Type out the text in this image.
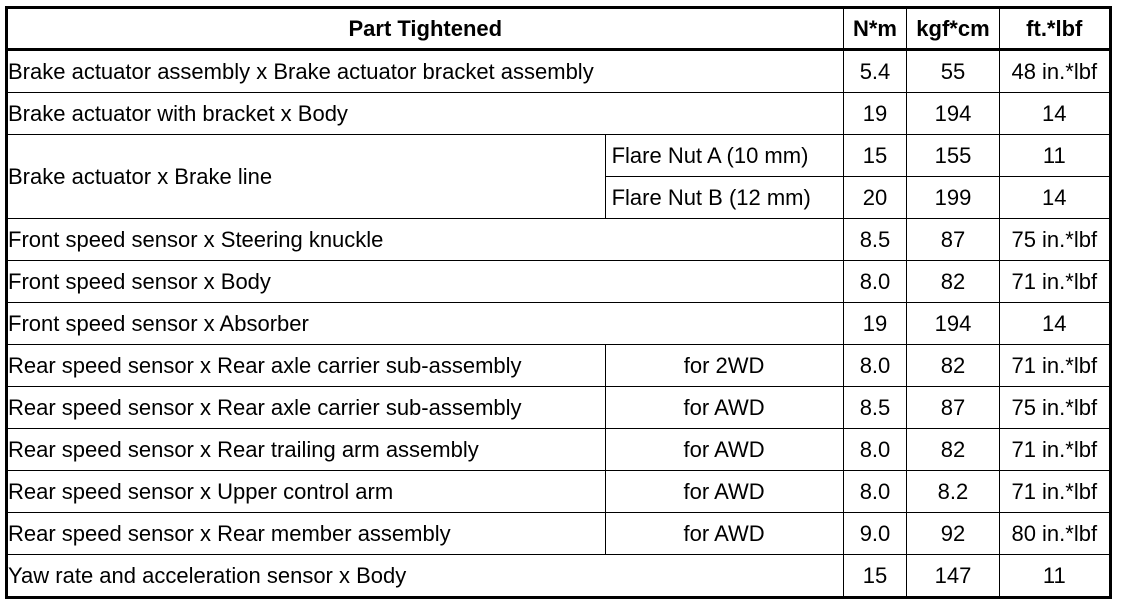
Part Tightened		N*m	kgf*cm	ft.*lbf
Brake actuator assembly x Brake actuator bracket assembly		5.4	55	48 in.*lbf
Brake actuator with bracket x Body		19	194	14
Brake actuator x Brake line	Flare Nut A (10 mm)	15	155	11
	Flare Nut B (12 mm)	20	199	14
Front speed sensor x Steering knuckle		8.5	87	75 in.*lbf
Front speed sensor x Body		8.0	82	71 in.*lbf
Front speed sensor x Absorber		19	194	14
Rear speed sensor x Rear axle carrier sub-assembly	for 2WD	8.0	82	71 in.*lbf
Rear speed sensor x Rear axle carrier sub-assembly	for AWD	8.5	87	75 in.*lbf
Rear speed sensor x Rear trailing arm assembly	for AWD	8.0	82	71 in.*lbf
Rear speed sensor x Upper control arm	for AWD	8.0	8.2	71 in.*lbf
Rear speed sensor x Rear member assembly	for AWD	9.0	92	80 in.*lbf
Yaw rate and acceleration sensor x Body		15	147	11
